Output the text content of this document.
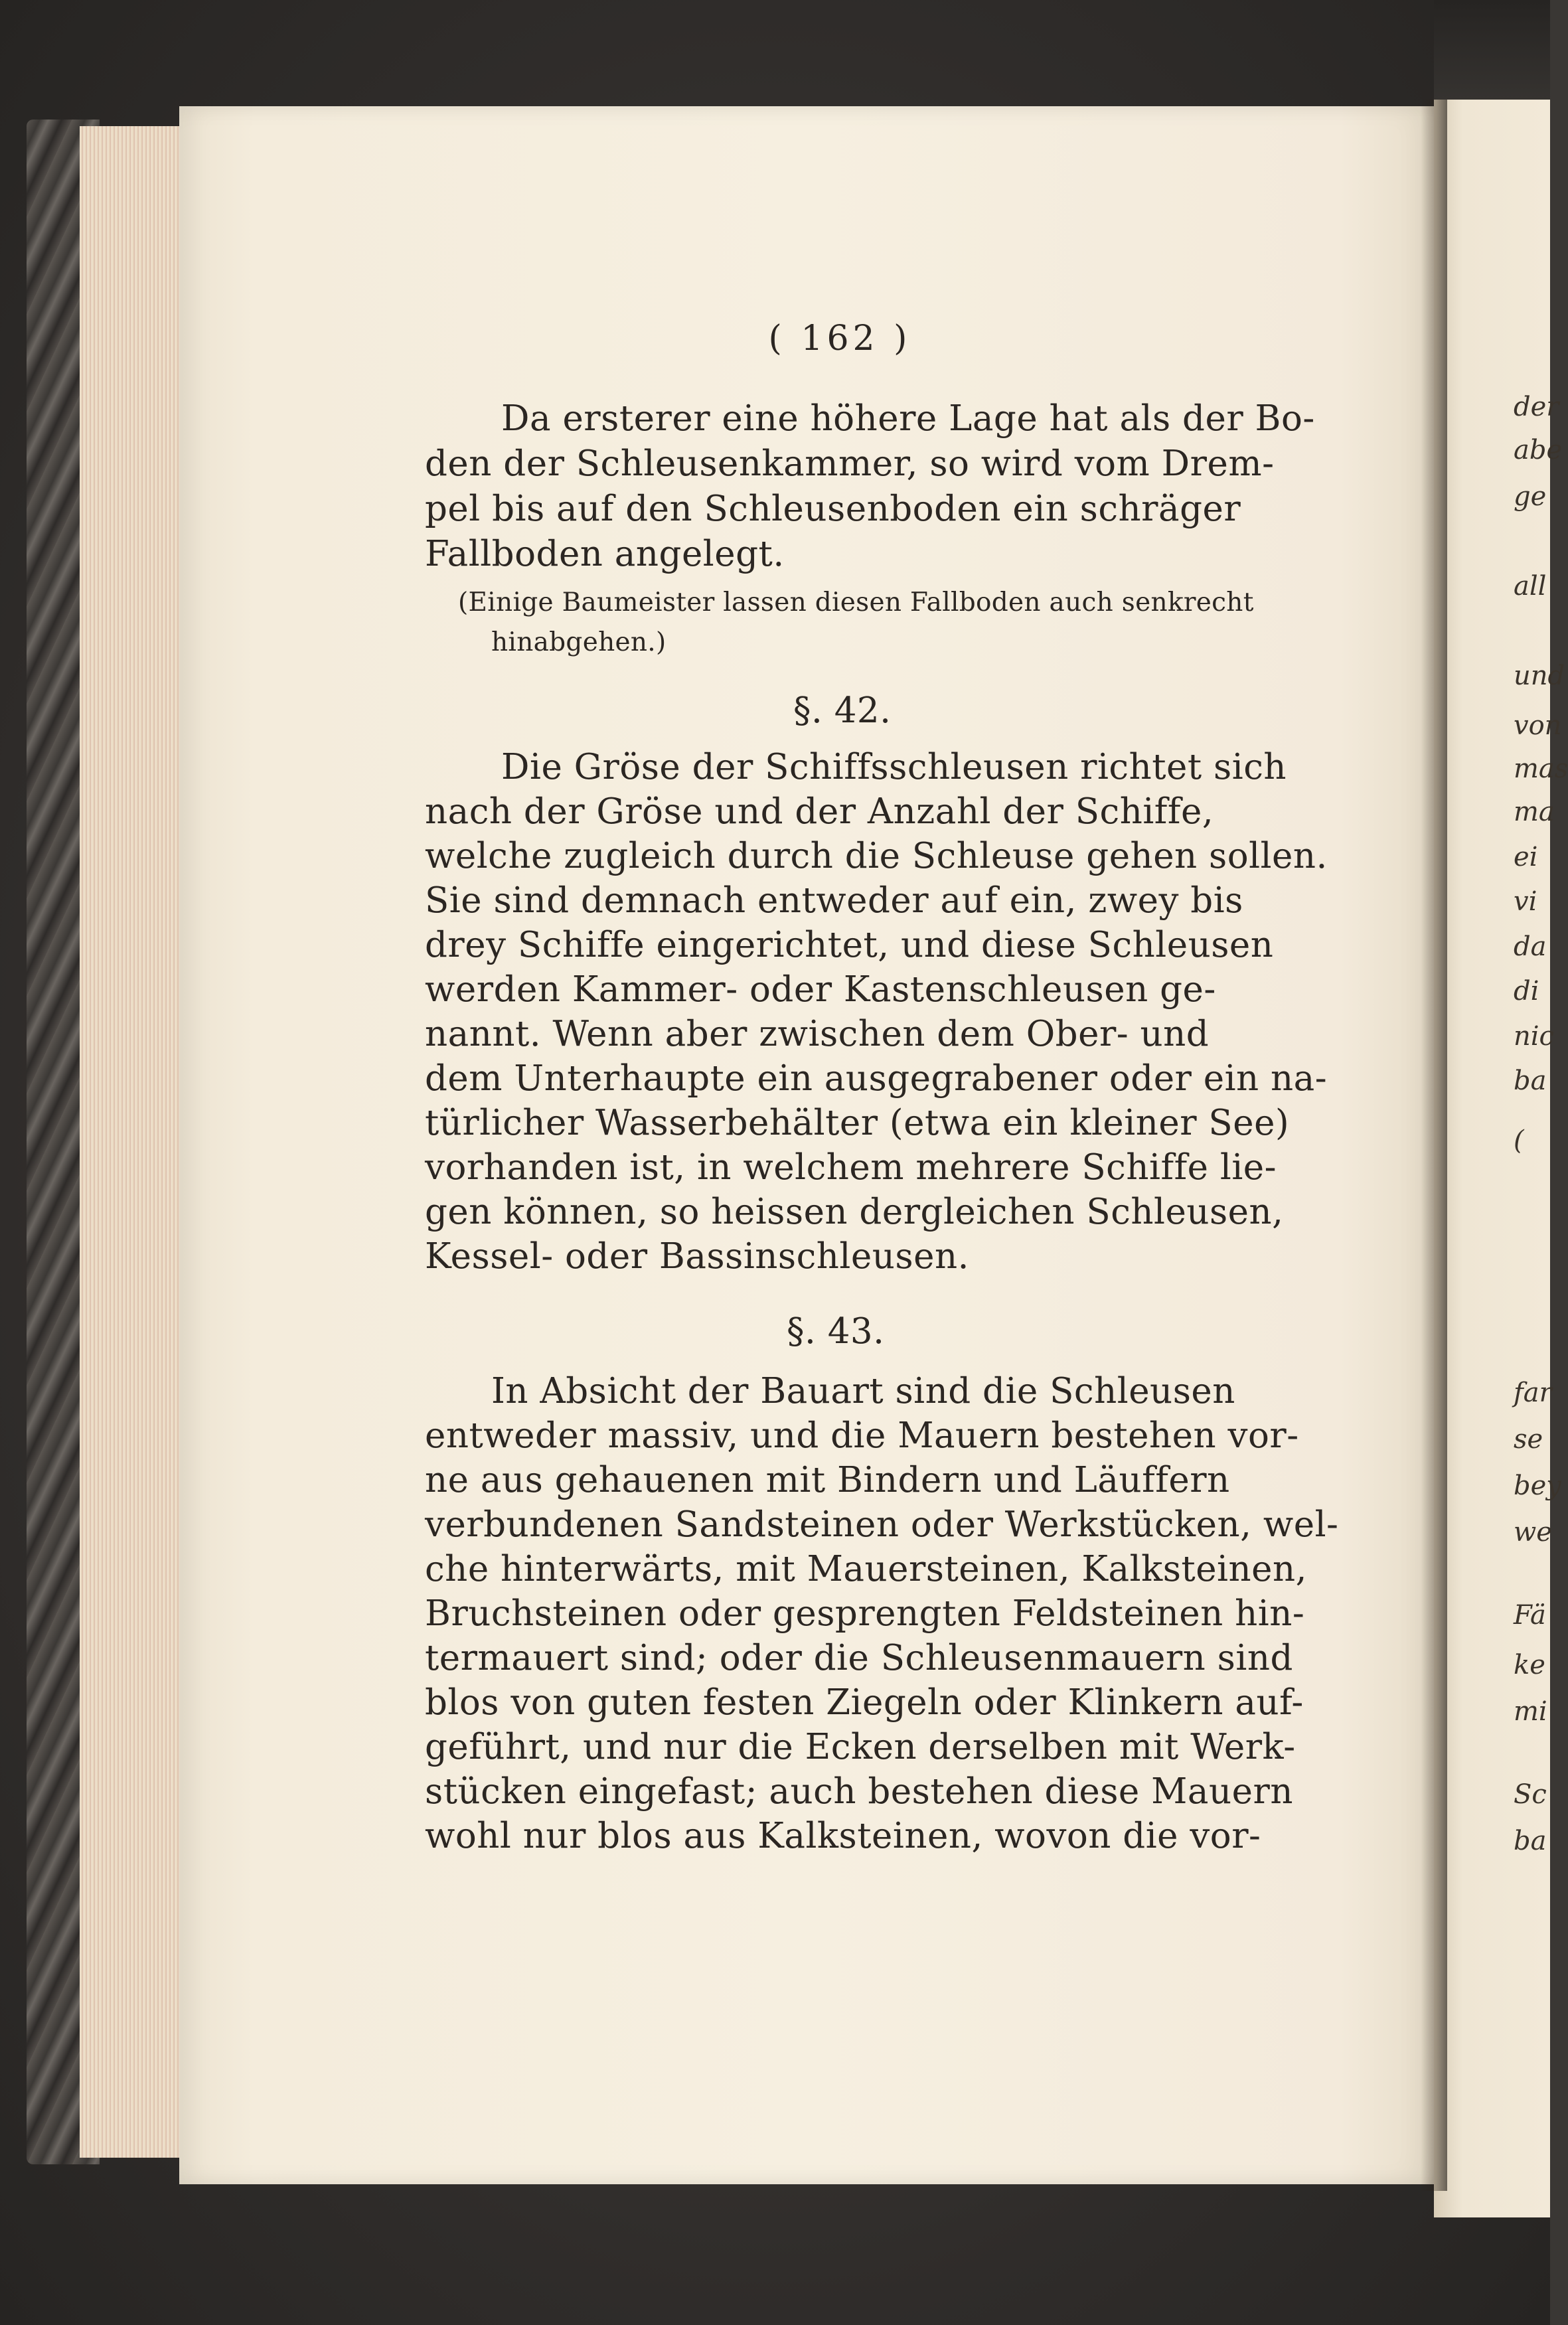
( 162 )
Da ersterer eine höhere Lage hat als der Bo-
den der Schleusenkammer, so wird vom Drem-
pel bis auf den Schleusenboden ein schräger
Fallboden angelegt.
(Einige Baumeister lassen diesen Fallboden auch senkrecht
hinabgehen.)
§. 42.
Die Gröse der Schiffsschleusen richtet sich
nach der Gröse und der Anzahl der Schiffe,
welche zugleich durch die Schleuse gehen sollen.
Sie sind demnach entweder auf ein, zwey bis
drey Schiffe eingerichtet, und diese Schleusen
werden Kammer- oder Kastenschleusen ge-
nannt. Wenn aber zwischen dem Ober- und
dem Unterhaupte ein ausgegrabener oder ein na-
türlicher Wasserbehälter (etwa ein kleiner See)
vorhanden ist, in welchem mehrere Schiffe lie-
gen können, so heissen dergleichen Schleusen,
Kessel- oder Bassinschleusen.
§. 43.
In Absicht der Bauart sind die Schleusen
entweder massiv, und die Mauern bestehen vor-
ne aus gehauenen mit Bindern und Läuffern
verbundenen Sandsteinen oder Werkstücken, wel-
che hinterwärts, mit Mauersteinen, Kalksteinen,
Bruchsteinen oder gesprengten Feldsteinen hin-
termauert sind; oder die Schleusenmauern sind
blos von guten festen Ziegeln oder Klinkern auf-
geführt, und nur die Ecken derselben mit Werk-
stücken eingefast; auch bestehen diese Mauern
wohl nur blos aus Kalksteinen, wovon die vor-
der
abe
ge
all
und
von
mas
ma
ei
vi
da
di
nic
ba
(
far
se
bey
we
Fä
ke
mi
Sc
ba
